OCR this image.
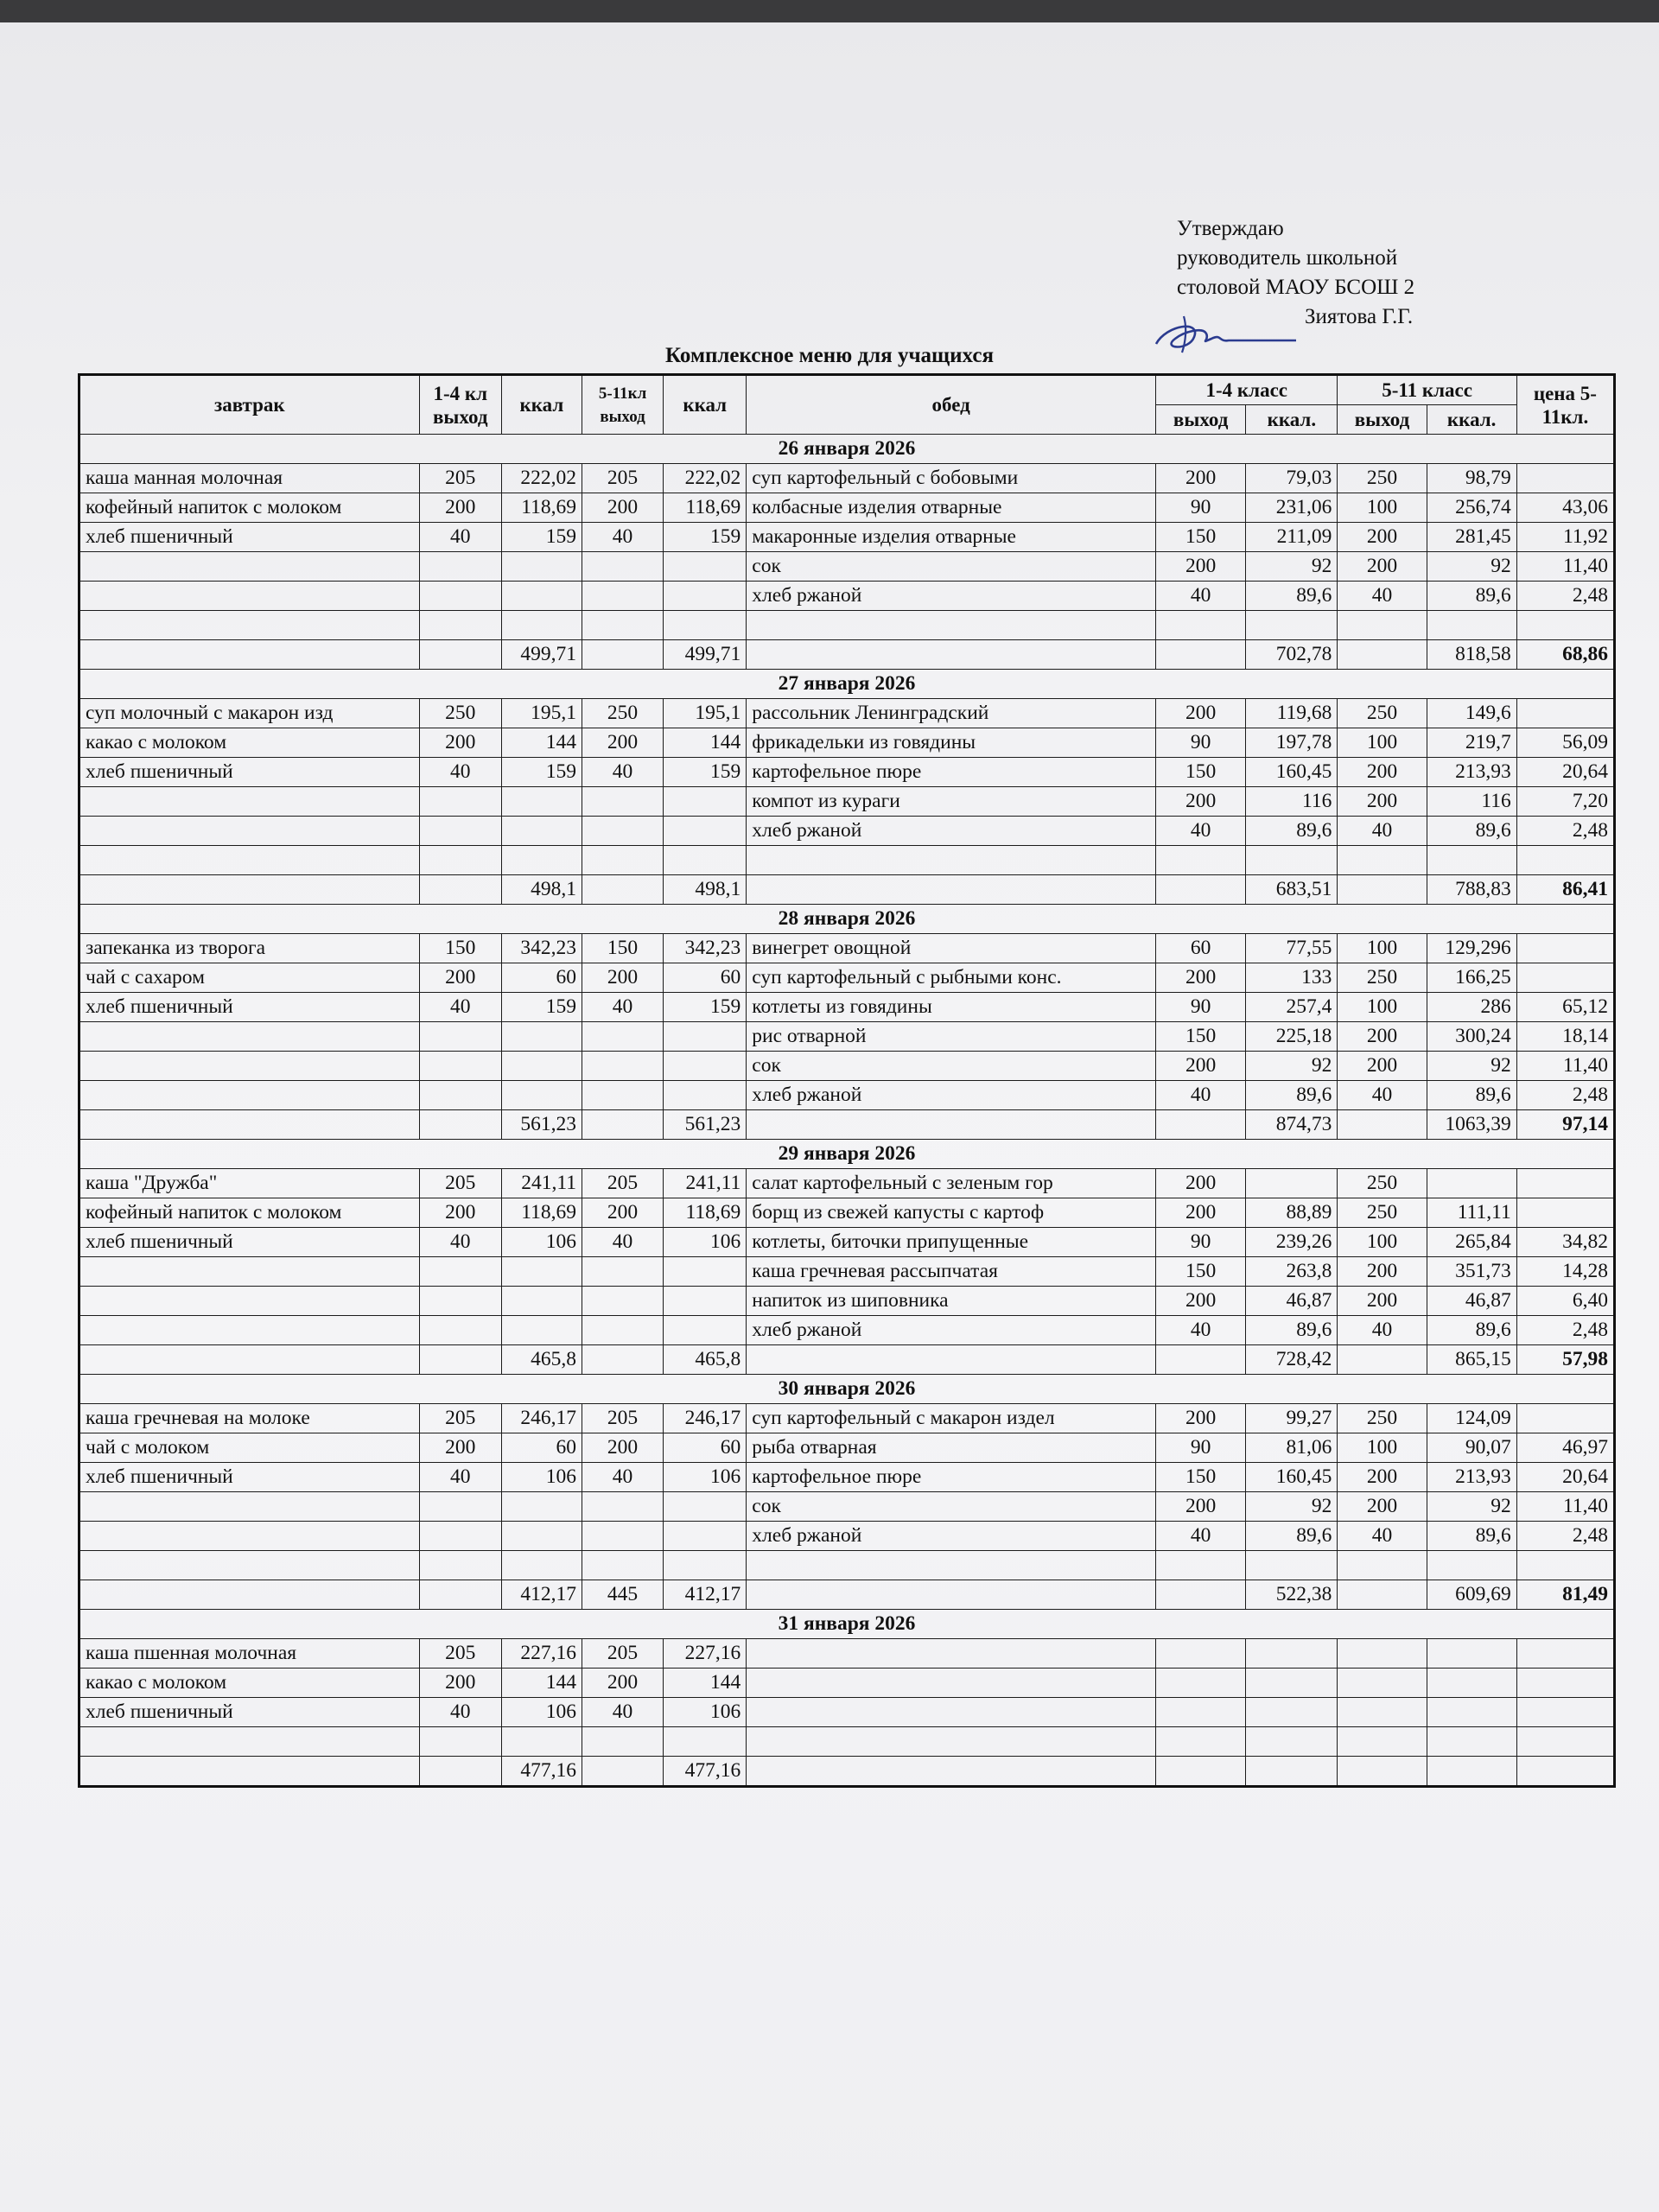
Утверждаю
руководитель школьной
столовой МАОУ БСОШ 2
Зиятова Г.Г.
Комплексное меню для учащихся
завтрак	1-4 кл выход	ккал	5-11кл выход	ккал	обед	1-4 класс		5-11 класс		цена 5-11кл.
						выход	ккал.	выход	ккал.	
26 января 2026										
каша манная молочная	205	222,02	205	222,02	суп картофельный с бобовыми	200	79,03	250	98,79	
кофейный напиток с молоком	200	118,69	200	118,69	колбасные изделия отварные	90	231,06	100	256,74	43,06
хлеб пшеничный	40	159	40	159	макаронные изделия отварные	150	211,09	200	281,45	11,92
					сок	200	92	200	92	11,40
					хлеб ржаной	40	89,6	40	89,6	2,48

		499,71		499,71			702,78		818,58	68,86
27 января 2026										
суп молочный с макарон изд	250	195,1	250	195,1	рассольник Ленинградский	200	119,68	250	149,6	
какао с молоком	200	144	200	144	фрикадельки из говядины	90	197,78	100	219,7	56,09
хлеб пшеничный	40	159	40	159	картофельное пюре	150	160,45	200	213,93	20,64
					компот из кураги	200	116	200	116	7,20
					хлеб ржаной	40	89,6	40	89,6	2,48

		498,1		498,1			683,51		788,83	86,41
28 января 2026										
запеканка из творога	150	342,23	150	342,23	винегрет овощной	60	77,55	100	129,296	
чай с сахаром	200	60	200	60	суп картофельный с рыбными конс.	200	133	250	166,25	
хлеб пшеничный	40	159	40	159	котлеты из говядины	90	257,4	100	286	65,12
					рис отварной	150	225,18	200	300,24	18,14
					сок	200	92	200	92	11,40
					хлеб ржаной	40	89,6	40	89,6	2,48
		561,23		561,23			874,73		1063,39	97,14
29 января 2026										
каша "Дружба"	205	241,11	205	241,11	салат картофельный с зеленым гор	200		250		
кофейный напиток с молоком	200	118,69	200	118,69	борщ из свежей капусты с картоф	200	88,89	250	111,11	
хлеб пшеничный	40	106	40	106	котлеты, биточки припущенные	90	239,26	100	265,84	34,82
					каша гречневая рассыпчатая	150	263,8	200	351,73	14,28
					напиток из шиповника	200	46,87	200	46,87	6,40
					хлеб ржаной	40	89,6	40	89,6	2,48
		465,8		465,8			728,42		865,15	57,98
30 января 2026										
каша гречневая на молоке	205	246,17	205	246,17	суп картофельный с макарон издел	200	99,27	250	124,09	
чай с молоком	200	60	200	60	рыба отварная	90	81,06	100	90,07	46,97
хлеб пшеничный	40	106	40	106	картофельное пюре	150	160,45	200	213,93	20,64
					сок	200	92	200	92	11,40
					хлеб ржаной	40	89,6	40	89,6	2,48

		412,17	445	412,17			522,38		609,69	81,49
31 января 2026										
каша пшенная молочная	205	227,16	205	227,16						
какао с молоком	200	144	200	144						
хлеб пшеничный	40	106	40	106						

		477,16		477,16						
